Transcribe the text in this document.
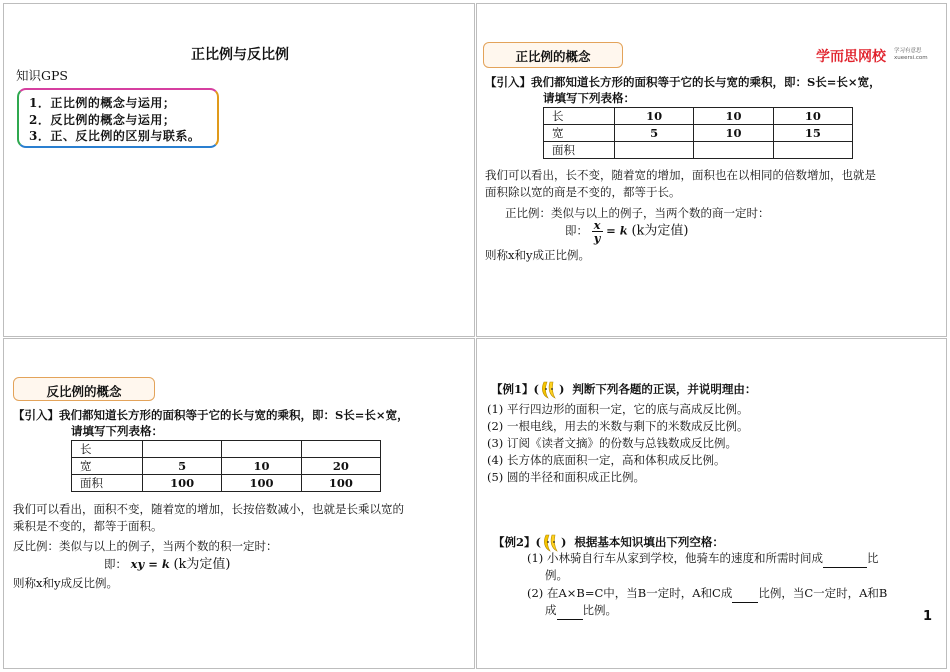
正比例与反比例
知识GPS
1．正比例的概念与运用；
2．反比例的概念与运用；
3．正、反比例的区别与联系。
正比例的概念	学而思网校 学习有意思
xueersi.com
【引入】我们都知道长方形的面积等于它的长与宽的乘积，即：S长=长×宽，
请填写下列表格：
长	10	10	10
宽	5	10	15
面积			
我们可以看出，长不变，随着宽的增加，面积也在以相同的倍数增加，也就是
面积除以宽的商是不变的，都等于长。
正比例：类似与以上的例子，当两个数的商一定时：
即： $\frac{x}{y} = k$ (k为定值)
则称x和y成正比例。
反比例的概念
【引入】我们都知道长方形的面积等于它的长与宽的乘积，即：S长=长×宽，
请填写下列表格：
长			
宽	5	10	20
面积	100	100	100
我们可以看出，面积不变，随着宽的增加，长按倍数减小，也就是长乘以宽的
乘积是不变的，都等于面积。
反比例：类似与以上的例子，当两个数的积一定时：
即： xy = k (k为定值)
则称x和y成反比例。
【例1】( )  判断下列各题的正误，并说明理由：
(1) 平行四边形的面积一定，它的底与高成反比例。
(2) 一根电线，用去的米数与剩下的米数成反比例。
(3) 订阅《读者文摘》的份数与总钱数成反比例。
(4) 长方体的底面积一定，高和体积成反比例。
(5) 圆的半径和面积成正比例。
【例2】( )  根据基本知识填出下列空格：
(1) 小林骑自行车从家到学校，他骑车的速度和所需时间成	比
例。
(2) 在A×B=C中，当B一定时，A和C成 比例，当C一定时，A和B
成 比例。	1
